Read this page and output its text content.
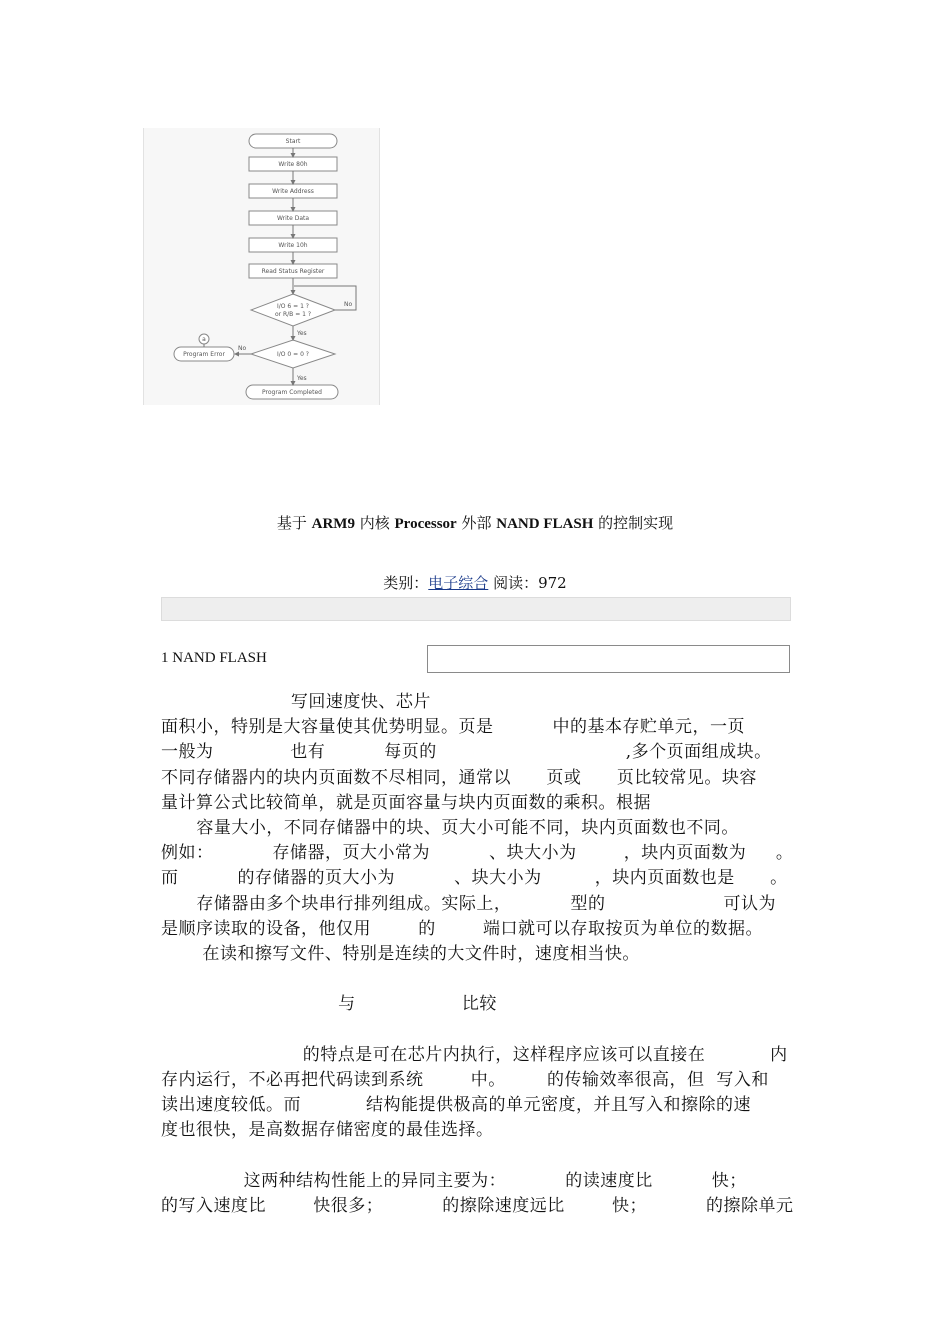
Start
Write 80h
Write Address
Write Data
Write 10h
Read Status Register
I/O 6 = 1 ?
or R/B = 1 ?
I/O 0 = 0 ?
Program Completed
Program Error
a
No
Yes
No
Yes
基于 ARM9 内核 Processor 外部 NAND FLASH 的控制实现
类别：电子综合 阅读：972
1 NAND FLASH
写回速度快、芯片
面积小，特别是大容量使其优势明显。页是          中的基本存贮单元，一页
一般为             也有          每页的                                ,多个页面组成块。
不同存储器内的块内页面数不尽相同，通常以      页或      页比较常见。块容
量计算公式比较简单，就是页面容量与块内页面数的乘积。根据
容量大小，不同存储器中的块、页大小可能不同，块内页面数也不同。
例如：          存储器，页大小常为          、块大小为        ，块内页面数为     。
而          的存储器的页大小为          、块大小为         ，块内页面数也是      。
存储器由多个块串行排列组成。实际上，          型的                    可认为
是顺序读取的设备，他仅用        的        端口就可以存取按页为单位的数据。
在读和擦写文件、特别是连续的大文件时，速度相当快。
与                  比较
的特点是可在芯片内执行，这样程序应该可以直接在           内
存内运行，不必再把代码读到系统        中。       的传输效率很高，但  写入和
读出速度较低。而           结构能提供极高的单元密度，并且写入和擦除的速
度也很快，是高数据存储密度的最佳选择。
这两种结构性能上的异同主要为：          的读速度比          快；
的写入速度比        快很多；          的擦除速度远比        快；          的擦除单元
